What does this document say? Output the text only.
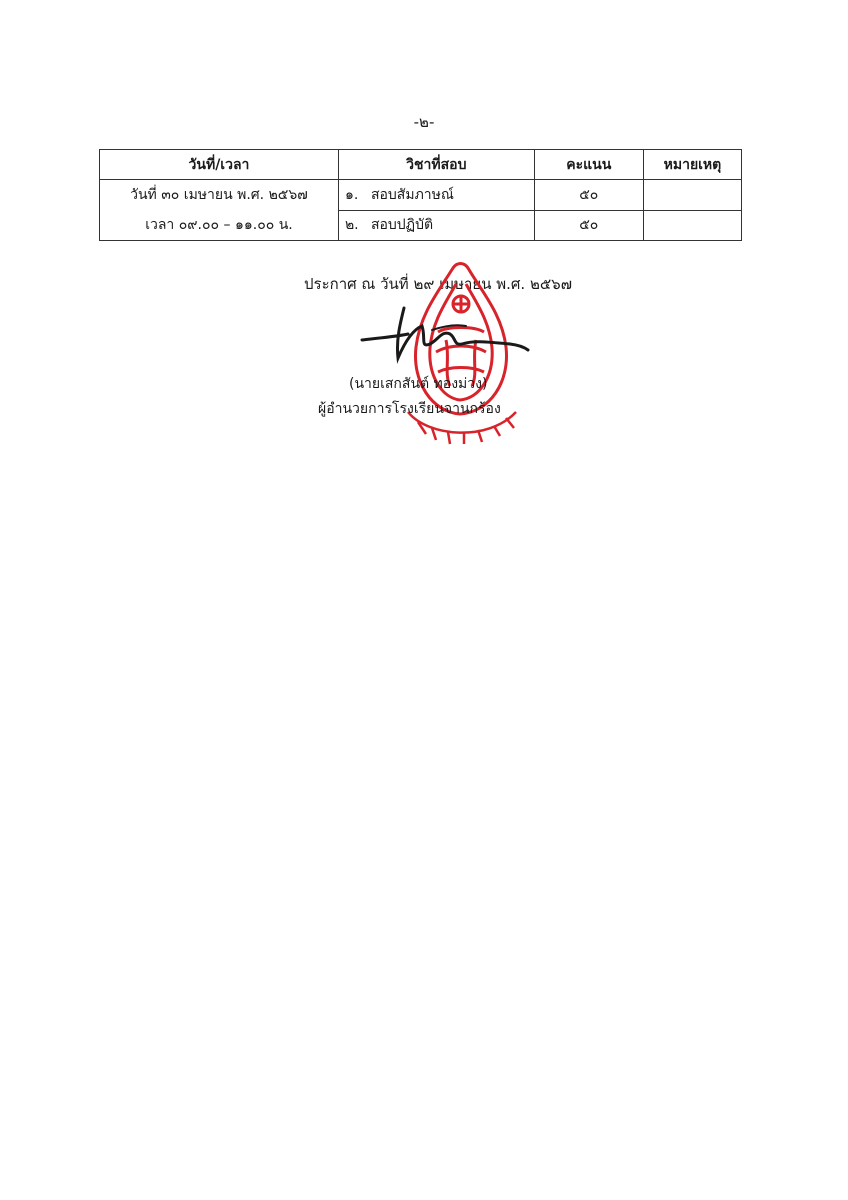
-๒-
วันที่/เวลา	วิชาที่สอบ	คะแนน	หมายเหตุ

วันที่ ๓๐ เมษายน พ.ศ. ๒๕๖๗
เวลา ๐๙.๐๐ – ๑๑.๐๐ น.	๑. สอบสัมภาษณ์	๕๐	
	๒. สอบปฏิบัติ	๕๐	
ประกาศ ณ วันที่ ๒๙ เมษายน พ.ศ. ๒๕๖๗
(นายเสกสันต์ ทองม่วง)
ผู้อำนวยการโรงเรียนจานกร้อง
